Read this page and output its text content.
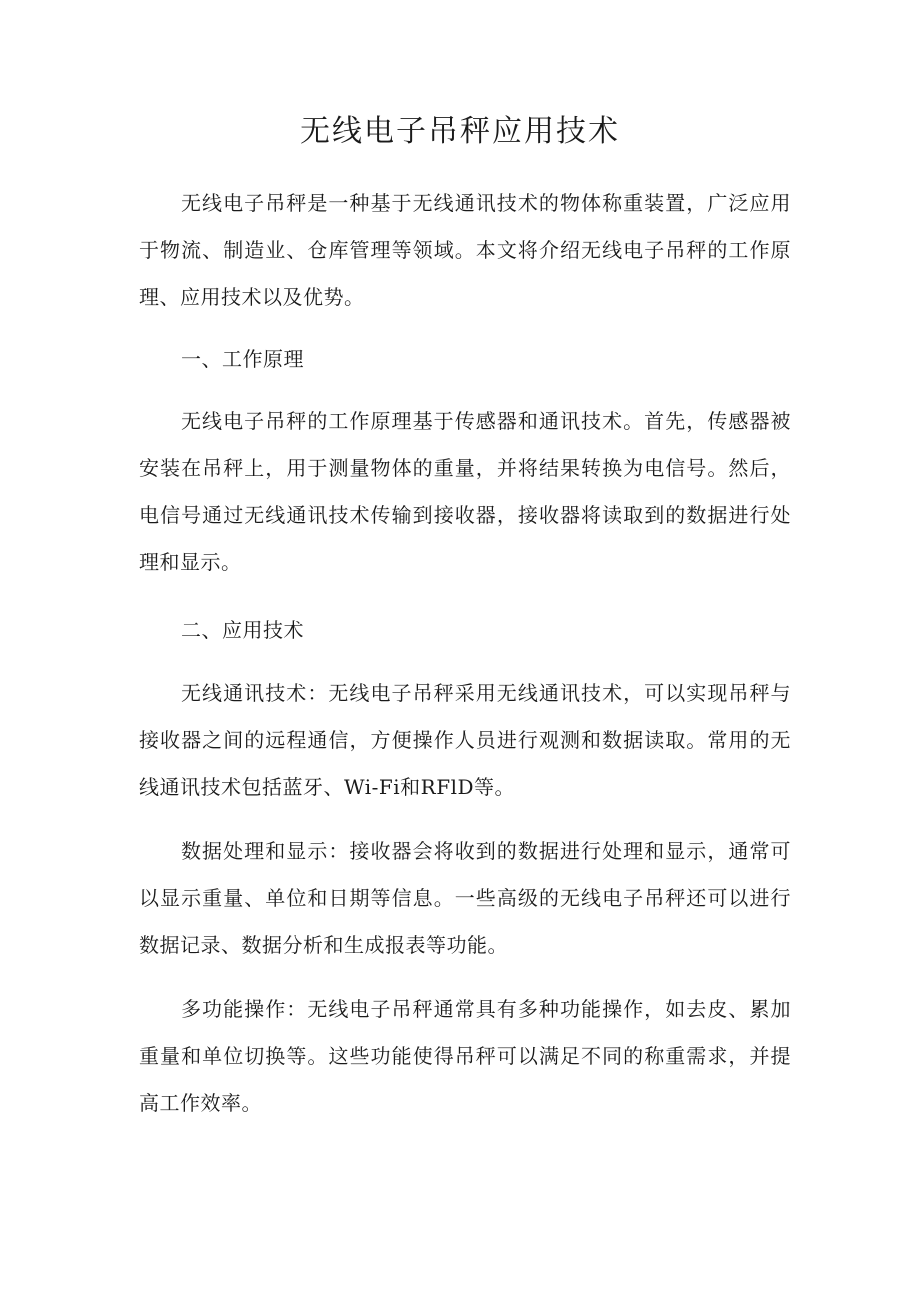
无线电子吊秤应用技术

无线电子吊秤是一种基于无线通讯技术的物体称重装置，广泛应用于物流、制造业、仓库管理等领域。本文将介绍无线电子吊秤的工作原理、应用技术以及优势。

一、工作原理

无线电子吊秤的工作原理基于传感器和通讯技术。首先，传感器被安装在吊秤上，用于测量物体的重量，并将结果转换为电信号。然后，电信号通过无线通讯技术传输到接收器，接收器将读取到的数据进行处理和显示。

二、应用技术

无线通讯技术：无线电子吊秤采用无线通讯技术，可以实现吊秤与接收器之间的远程通信，方便操作人员进行观测和数据读取。常用的无线通讯技术包括蓝牙、Wi-Fi和RFlD等。

数据处理和显示：接收器会将收到的数据进行处理和显示，通常可以显示重量、单位和日期等信息。一些高级的无线电子吊秤还可以进行数据记录、数据分析和生成报表等功能。

多功能操作：无线电子吊秤通常具有多种功能操作，如去皮、累加重量和单位切换等。这些功能使得吊秤可以满足不同的称重需求，并提高工作效率。
